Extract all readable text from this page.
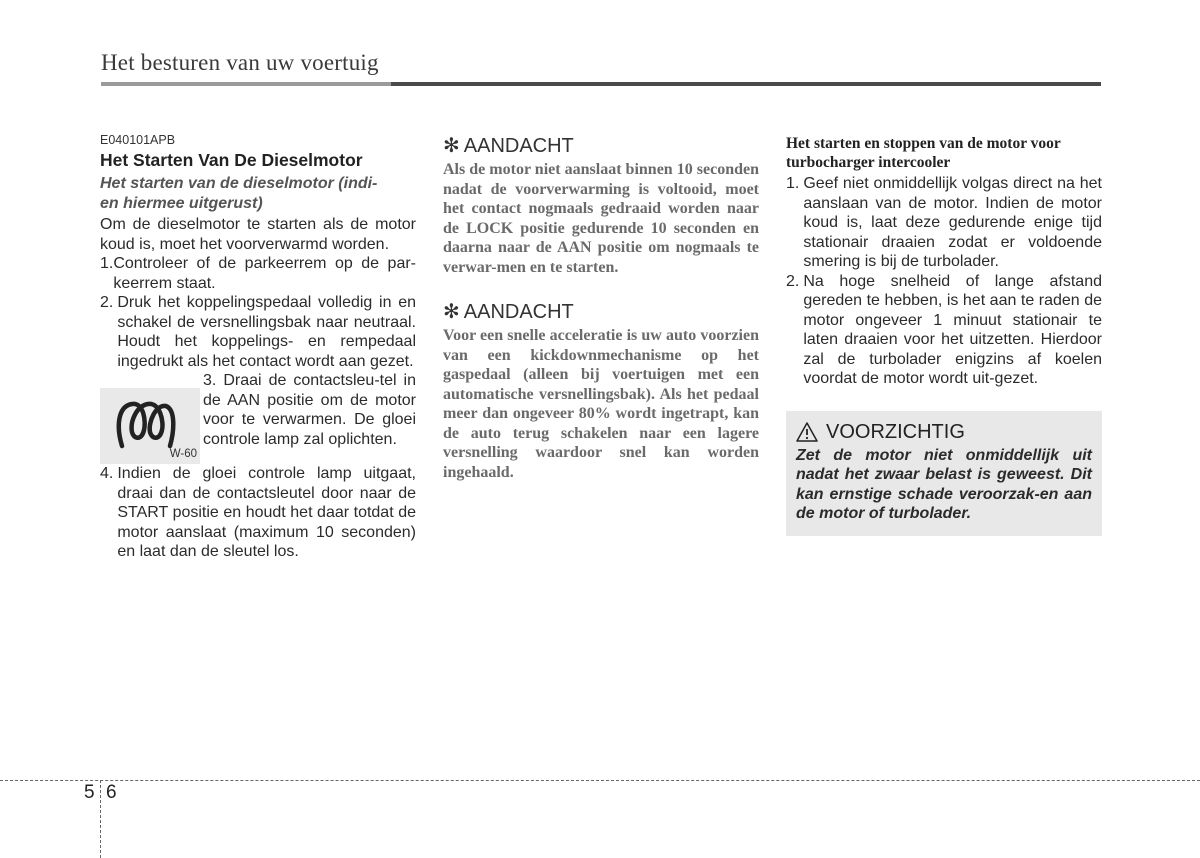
Het besturen van uw voertuig
E040101APB
Het Starten Van De Dieselmotor
Het starten van de dieselmotor (indi-
en hiermee uitgerust)

Om de dieselmotor te starten als de motor koud is, moet het voorverwarmd worden.

1. Controleer of de parkeerrem op de par-keerrem staat.
2. Druk het koppelingspedaal volledig in en schakel de versnellingsbak naar neutraal. Houdt het koppelings- en rempedaal ingedrukt als het contact wordt aan gezet.
W-60
3. Draai de contactsleu-tel in de AAN positie om de motor voor te verwarmen. De gloei controle lamp zal oplichten.
4. Indien de gloei controle lamp uitgaat, draai dan de contactsleutel door naar de START positie en houdt het daar totdat de motor aanslaat (maximum 10 seconden) en laat dan de sleutel los.
✻ AANDACHT

Als de motor niet aanslaat binnen 10 seconden nadat de voorverwarming is voltooid, moet het contact nogmaals gedraaid worden naar de LOCK positie gedurende 10 seconden en daarna naar de AAN positie om nogmaals te verwar-men en te starten.

✻ AANDACHT

Voor een snelle acceleratie is uw auto voorzien van een kickdownmechanisme op het gaspedaal (alleen bij voertuigen met een automatische versnellingsbak). Als het pedaal meer dan ongeveer 80% wordt ingetrapt, kan de auto terug schakelen naar een lagere versnelling waardoor snel kan worden ingehaald.

Het starten en stoppen van de motor voor turbocharger intercooler
1. Geef niet onmiddellijk volgas direct na het aanslaan van de motor. Indien de motor koud is, laat deze gedurende enige tijd stationair draaien zodat er voldoende smering is bij de turbolader.
2. Na hoge snelheid of lange afstand gereden te hebben, is het aan te raden de motor ongeveer 1 minuut stationair te laten draaien voor het uitzetten. Hierdoor zal de turbolader enigzins af koelen voordat de motor wordt uit-gezet.
VOORZICHTIG

Zet de motor niet onmiddellijk uit nadat het zwaar belast is geweest. Dit kan ernstige schade veroorzak-en aan de motor of turbolader.

5 6
